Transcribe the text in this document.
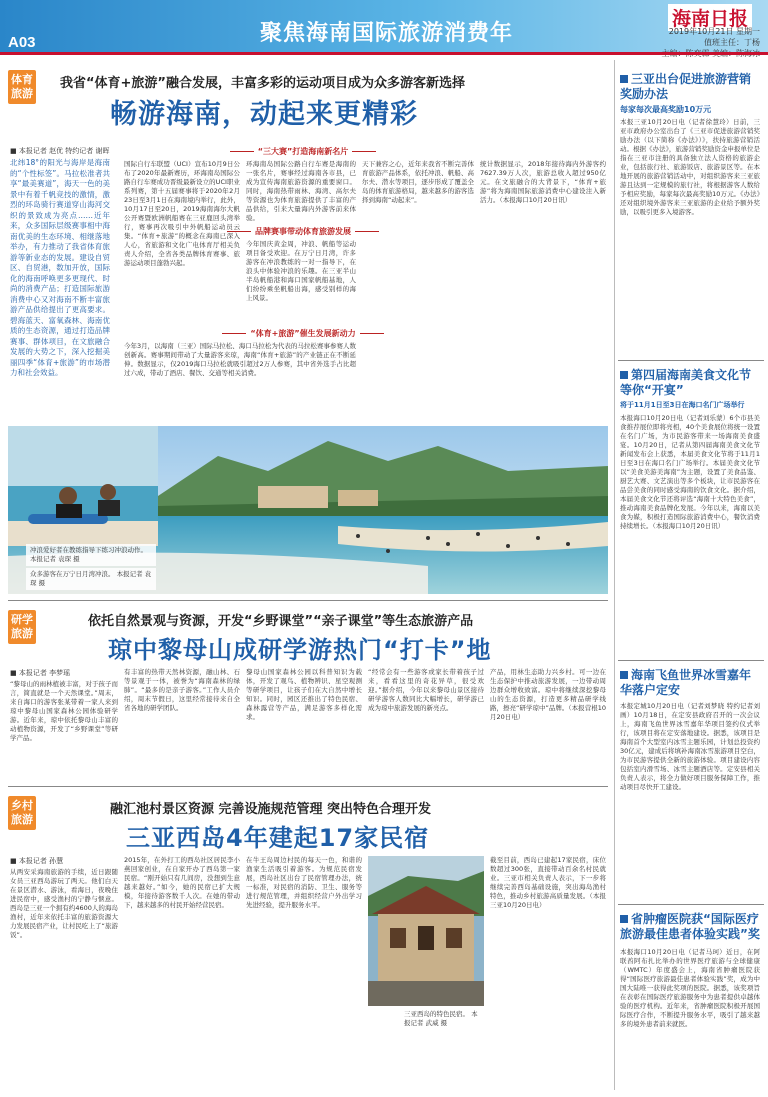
A03	聚焦海南国际旅游消费年
海南日报
2019年10月21日 星期一
值班主任：丁杨
体育旅游
我省“体育+旅游”融合发展，丰富多彩的运动项目成为众多游客新选择
畅游海南，动起来更精彩
■ 本报记者 赵优 特约记者 谢晖
北纬18°的阳光与海岸是海南的“个性标签”。马拉松准者共享“最美赛道”，海天一色的美景中有着千帆竞技的激情，激烈的环岛骑行赛道穿山海河交织的景致成为亮点……近年来，众多国际层级赛事相中海南优美的生态环境、相继落地举办，有力推动了我省体育旅游等新业态的发展。建设自贸区、自贸港，数加开放，国际化的海南呼唤更多更现代、时尚的消费产品；打造国际旅游消费中心又对海南不断丰富旅游产品供给提出了更高要求。碧海蓝天、富氧森林、海南优质的生态资源，通过打造品牌赛事、群体项目，在文旅融合发展的大势之下，深入挖掘美丽四季“体育+旅游”的市场潜力和社会效益。
“三大赛”打造海南新名片
国际自行车联盟（UCI）宣布10月9日公布了2020年最新赛历，环海南岛国际公路自行车赛成功晋级最新设立的UCI职业系列赛，第十五届赛事将于2020年2月23日至3月1日在海南境内举行，此外，10月17日至20日，2019海南海尔大帆公开赛暨欧洲帆船赛在三亚鹿回头湾举行，赛事再次吸引中外帆船运动员云集。“体育+旅游”的概念在海南已深入人心，省旅游和文化广电体育厅相关负责人介绍，全省各类品牌体育赛事、旅游运动项目蓬勃兴起。
环海南岛国际公路自行车赛是海南的一张名片，赛事经过海南各市县，已成为宣传海南旅游资源的重要窗口。同时，海南热带雨林、海湾、高尔夫等资源也为体育旅游提供了丰富的产品供给，引来大量海内外游客前来体验。
品牌赛事带动体育旅游发展
今年国庆黄金周，冲浪、帆船等运动项目备受欢迎。在万宁日月湾，许多游客在冲浪教练的一对一指导下，在浪头中体验冲浪的乐趣。在三亚半山半岛帆船港和海口国家帆船基地，人们纷纷乘坐帆船出海，感受别样的海上风景。
“体育+旅游”催生发展新动力
今年3月，以海南（三亚）国际马拉松、海口马拉松为代表的马拉松赛事参赛人数创新高。赛事期间带动了大量游客来琼，海南“体育+旅游”的产业链正在不断延伸。数据显示，仅2019海口马拉松就吸引超过2万人参赛，其中省外选手占比超过六成，带动了酒店、餐饮、交通等相关消费。
天下兼容之心，近年来我省不断完善体育旅游产品体系，依托冲浪、帆船、高尔夫、潜水等项目，逐步形成了覆盖全岛的体育旅游格局，越来越多的游客选择到海南“动起来”。
统计数据显示，2018年接待海内外游客约7627.39万人次，旅游总收入超过950亿元。在文旅融合的大背景下，“体育+旅游”将为海南国际旅游消费中心建设注入新活力。（本报海口10月20日讯）
冲浪爱好者在教练指导下练习冲浪动作。 本报记者 袁琛 摄
众多游客在万宁日月湾冲浪。 本报记者 袁琛 摄
研学旅游
依托自然景观与资源，开发“乡野课堂”“亲子课堂”等生态旅游产品
琼中黎母山成研学游热门“打卡”地
■ 本报记者 李梦瑶
“黎母山的雨林植被丰富，对于孩子而言，简直就是一个天然课堂。”周末，来自海口的游客张某带着一家人来到琼中黎母山国家森林公园体验研学游。近年来，琼中依托黎母山丰富的动植物资源，开发了“乡野课堂”等研学产品。
有丰富的热带天然林资源，融山林、石等景观于一体，被誉为“海南森林的绿肺”。“最多的是亲子游客。”工作人员介绍，周末节假日，这里经常接待来自全省各地的研学团队。
黎母山国家森林公园以科普知识为载体，开发了观鸟、植物辨识、星空观测等研学项目，让孩子们在大自然中增长知识。同时，园区还推出了特色民宿、森林露营等产品，满足游客多样化需求。
“经常会有一些游客或家长带着孩子过来，看看这里的奇花异草，很受欢迎。”据介绍，今年以来黎母山景区接待研学游客人数同比大幅增长，研学游已成为琼中旅游发展的新亮点。
产品，用林生态助力兴乡村。可一边在生态保护中推动旅游发展，一边带动周边群众增收致富。琼中将继续深挖黎母山的生态资源，打造更多精品研学线路，擦亮“研学琼中”品牌。（本报营根10月20日电）
乡村旅游
融汇池村景区资源 完善设施规范管理 突出特色合理开发
三亚西岛4年建起17家民宿
■ 本报记者 孙慧
从两安采海南旅游的手续，近日跟随女员三亚西岛游玩了两天。他们白天在景区潜水、游泳，看海日，夜晚住进民宿中，感受渔村的宁静与惬意。西岛是三亚一个拥有约4600人的海岛渔村，近年来依托丰富的旅游资源大力发展民宿产业，让村民吃上了“旅游饭”。
2015年，在外打工的西岛社区居民李小燕回家创业，在自家开办了西岛第一家民宿。“刚开始只有几间房，没想到生意越来越好。”如今，她的民宿已扩大规模，年接待游客数千人次。在她的带动下，越来越多的村民开始经营民宿。
在牛王岛周边村民的每天一色，和谐的渔家生活吸引着游客。为规范民宿发展，西岛社区出台了民宿管理办法，统一标准，对民宿的消防、卫生、服务等进行规范管理，并组织经营户外出学习先进经验，提升服务水平。
三亚西岛的特色民宿。 本报记者 武威 摄
截至目前，西岛已建起17家民宿，床位数超过300张，直接带动百余名村民就业。三亚市相关负责人表示，下一步将继续完善西岛基础设施，突出海岛渔村特色，推动乡村旅游高质量发展。（本报三亚10月20日电）
三亚出台促进旅游营销奖励办法
每家每次最高奖励10万元
本报三亚10月20日电（记者徐慧玲）日前，三亚市政府办公室出台了《三亚市促进旅游营销奖励办法（以下简称《办法》）》，扶持旅游营销活动。根据《办法》，旅游营销奖励资金申报单位是指在三亚市注册的具备独立法人资格的旅游企业，包括旅行社、旅游饭店、旅游景区等。在本地开展的旅游营销活动中，对组织游客来三亚旅游且达到一定规模的旅行社，将根据游客人数给予相应奖励，每家每次最高奖励10万元。《办法》还对组织境外游客来三亚旅游的企业给予额外奖励，以吸引更多入境游客。
第四届海南美食文化节等你“开宴”
将于11月1日至3日在海口名门广场举行
本报海口10月20日电（记者刘乐蒙）6个市县美食推荐展位即将亮相，40个美食展位将统一设置在名门广场，为市民游客带来一场海南美食盛宴。10月20日，记者从第四届海南美食文化节新闻发布会上获悉，本届美食文化节将于11月1日至3日在海口名门广场举行。本届美食文化节以“美食美游美海南”为主题，设置了美食品鉴、厨艺大赛、文艺演出等多个板块，让市民游客在品尝美食的同时感受海南的饮食文化。据介绍，本届美食文化节还将评选“海南十大特色美食”，推动海南美食品牌化发展。今年以来，海南以美食为媒，积极打造国际旅游消费中心，餐饮消费持续增长。（本报海口10月20日讯）
海南飞鱼世界冰雪嘉年华落户定安
本报定城10月20日电（记者刘梦晓 特约记者刘 画）10月18日，在定安县政府召开的一次会议上，海南飞鱼世界冰雪嘉年华项目签约仪式举行，该项目将在定安落地建设。据悉，该项目是海南首个大型室内冰雪主题乐园，计划总投资约30亿元，建成后将填补海南冰雪旅游项目空白，为市民游客提供全新的旅游体验。项目建设内容包括室内滑雪场、冰雪主题酒店等。定安县相关负责人表示，将全力做好项目服务保障工作，推动项目尽快开工建设。
省肿瘤医院获“国际医疗旅游最佳患者体验实践”奖
本报海口10月20日电（记者马珂）近日，在阿联酋阿布扎比举办的世界医疗旅游与全球健康（WMTC）年度盛会上，海南省肿瘤医院获得“国际医疗旅游最佳患者体验实践”奖，成为中国大陆唯一获得此奖项的医院。据悉，该奖项旨在表彰在国际医疗旅游服务中为患者提供卓越体验的医疗机构。近年来，省肿瘤医院积极开展国际医疗合作，不断提升服务水平，吸引了越来越多的境外患者前来就医。
